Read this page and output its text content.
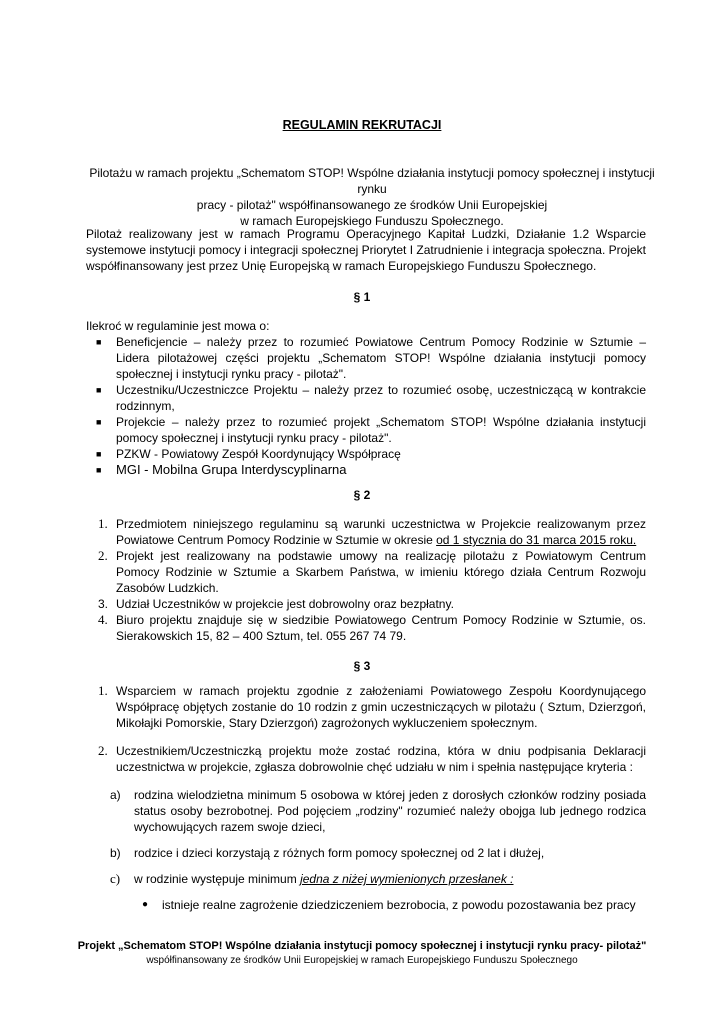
REGULAMIN REKRUTACJI
Pilotażu w ramach projektu „Schematom STOP! Wspólne działania instytucji pomocy społecznej i instytucji rynku
pracy - pilotaż" współfinansowanego ze środków Unii Europejskiej
w ramach Europejskiego Funduszu Społecznego.
Pilotaż realizowany jest w ramach Programu Operacyjnego Kapitał Ludzki, Działanie 1.2 Wsparcie systemowe instytucji pomocy i integracji społecznej Priorytet I Zatrudnienie i integracja społeczna. Projekt współfinansowany jest przez Unię Europejską w ramach Europejskiego Funduszu Społecznego.
§ 1
Ilekroć w regulaminie jest mowa o:
■ Beneficjencie – należy przez to rozumieć Powiatowe Centrum Pomocy Rodzinie w Sztumie – Lidera pilotażowej części projektu „Schematom STOP! Wspólne działania instytucji pomocy społecznej i instytucji rynku pracy - pilotaż".
■ Uczestniku/Uczestniczce Projektu – należy przez to rozumieć osobę, uczestniczącą w kontrakcie rodzinnym,
■ Projekcie – należy przez to rozumieć projekt „Schematom STOP! Wspólne działania instytucji pomocy społecznej i instytucji rynku pracy - pilotaż".
■ PZKW - Powiatowy Zespół Koordynujący Współpracę
■ MGI - Mobilna Grupa Interdyscyplinarna
§ 2
1. Przedmiotem niniejszego regulaminu są warunki uczestnictwa w Projekcie realizowanym przez Powiatowe Centrum Pomocy Rodzinie w Sztumie w okresie od 1 stycznia do 31 marca 2015 roku.
2. Projekt jest realizowany na podstawie umowy na realizację pilotażu z Powiatowym Centrum Pomocy Rodzinie w Sztumie a Skarbem Państwa, w imieniu którego działa Centrum Rozwoju Zasobów Ludzkich.
3. Udział Uczestników w projekcie jest dobrowolny oraz bezpłatny.
4. Biuro projektu znajduje się w siedzibie Powiatowego Centrum Pomocy Rodzinie w Sztumie, os. Sierakowskich 15, 82 – 400 Sztum, tel. 055 267 74 79.
§ 3
1. Wsparciem w ramach projektu zgodnie z założeniami Powiatowego Zespołu Koordynującego Współpracę objętych zostanie do 10 rodzin z gmin uczestniczących w pilotażu ( Sztum, Dzierzgoń, Mikołajki Pomorskie, Stary Dzierzgoń) zagrożonych wykluczeniem społecznym.
2. Uczestnikiem/Uczestniczką projektu może zostać rodzina, która w dniu podpisania Deklaracji uczestnictwa w projekcie, zgłasza dobrowolnie chęć udziału w nim i spełnia następujące kryteria :
a) rodzina wielodzietna minimum 5 osobowa w której jeden z dorosłych członków rodziny posiada status osoby bezrobotnej. Pod pojęciem „rodziny" rozumieć należy obojga lub jednego rodzica wychowujących razem swoje dzieci,
b) rodzice i dzieci korzystają z różnych form pomocy społecznej od 2 lat i dłużej,
c) w rodzinie występuje minimum jedna z niżej wymienionych przesłanek :
● istnieje realne zagrożenie dziedziczeniem bezrobocia, z powodu pozostawania bez pracy
Projekt „Schematom STOP! Wspólne działania instytucji pomocy społecznej i instytucji rynku pracy- pilotaż"
współfinansowany ze środków Unii Europejskiej w ramach Europejskiego Funduszu Społecznego
